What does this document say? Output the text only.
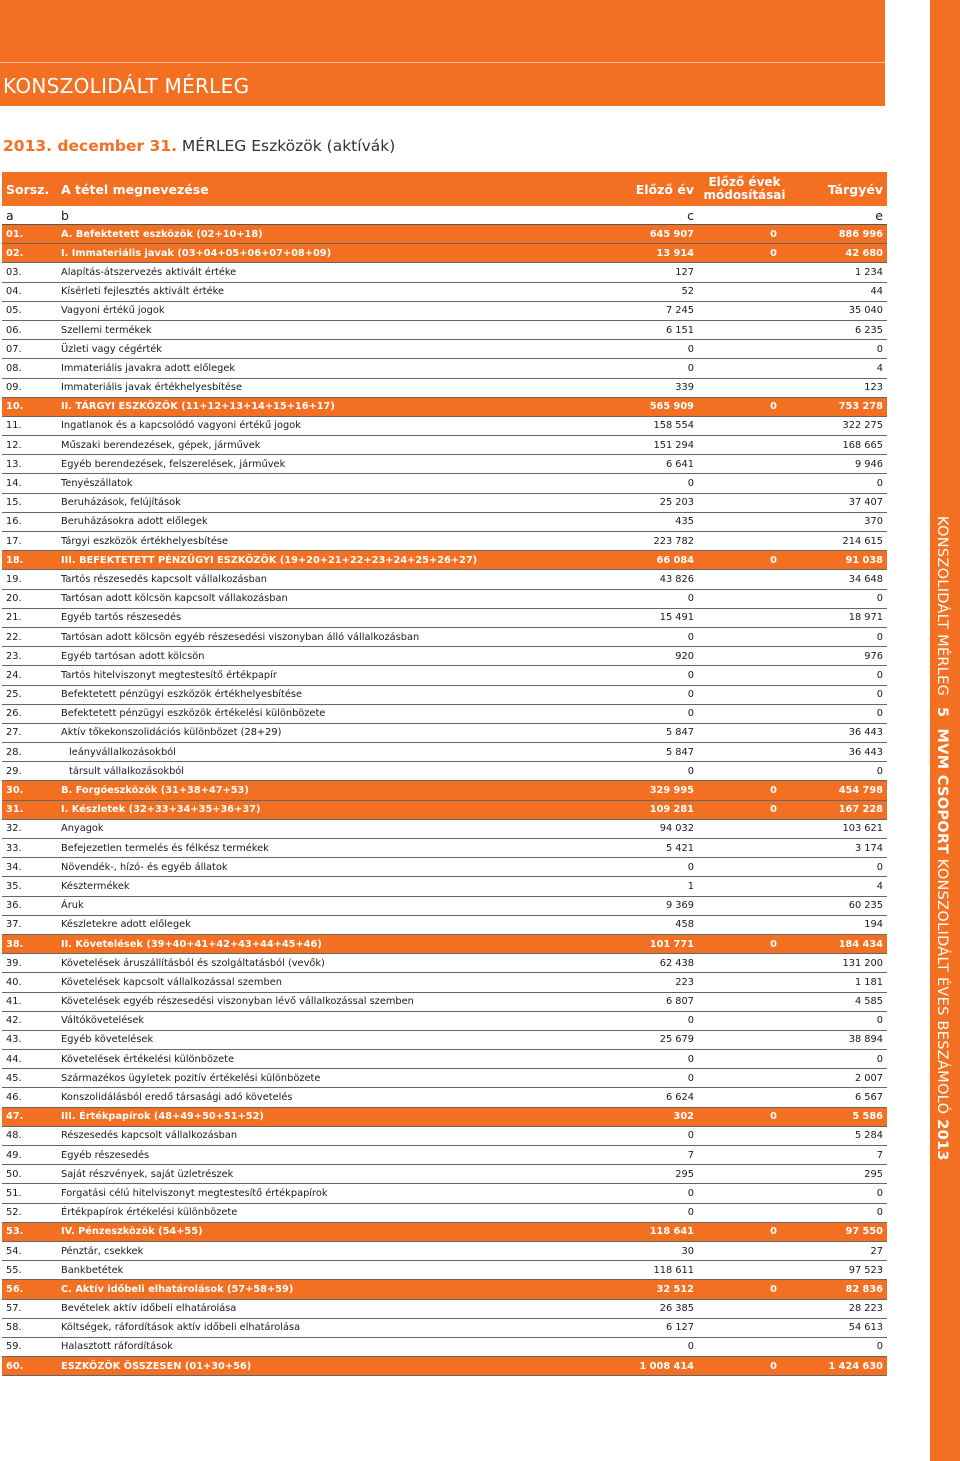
KONSZOLIDÁLT MÉRLEG
KONSZOLIDÁLT MÉRLEG 5 MVM CSOPORT KONSZOLIDÁLT ÉVES BESZÁMOLÓ 2013
2013. december 31. MÉRLEG Eszközök (aktívák)
Sorsz.	A tétel megnevezése	Előző év	Előző évek módosításai	Tárgyév
a	b	c		e
01.	A. Befektetett eszközök (02+10+18)	645 907	0	886 996
02.	I. Immateriális javak (03+04+05+06+07+08+09)	13 914	0	42 680
03.	Alapítás-átszervezés aktivált értéke	127		1 234
04.	Kísérleti fejlesztés aktivált értéke	52		44
05.	Vagyoni értékű jogok	7 245		35 040
06.	Szellemi termékek	6 151		6 235
07.	Üzleti vagy cégérték	0		0
08.	Immateriális javakra adott előlegek	0		4
09.	Immateriális javak értékhelyesbítése	339		123
10.	II. TÁRGYI ESZKÖZÖK (11+12+13+14+15+16+17)	565 909	0	753 278
11.	Ingatlanok és a kapcsolódó vagyoni értékű jogok	158 554		322 275
12.	Műszaki berendezések, gépek, járművek	151 294		168 665
13.	Egyéb berendezések, felszerelések, járművek	6 641		9 946
14.	Tenyészállatok	0		0
15.	Beruházások, felújítások	25 203		37 407
16.	Beruházásokra adott előlegek	435		370
17.	Tárgyi eszközök értékhelyesbítése	223 782		214 615
18.	III. BEFEKTETETT PÉNZÜGYI ESZKÖZÖK (19+20+21+22+23+24+25+26+27)	66 084	0	91 038
19.	Tartós részesedés kapcsolt vállalkozásban	43 826		34 648
20.	Tartósan adott kölcsön kapcsolt vállakozásban	0		0
21.	Egyéb tartós részesedés	15 491		18 971
22.	Tartósan adott kölcsön egyéb részesedési viszonyban álló vállalkozásban	0		0
23.	Egyéb tartósan adott kölcsön	920		976
24.	Tartós hitelviszonyt megtestesítő értékpapír	0		0
25.	Befektetett pénzügyi eszközök értékhelyesbítése	0		0
26.	Befektetett pénzügyi eszközök értékelési különbözete	0		0
27.	Aktív tőkekonszolidációs különbözet (28+29)	5 847		36 443
28.	leányvállalkozásokból	5 847		36 443
29.	társult vállalkozásokból	0		0
30.	B. Forgóeszközök (31+38+47+53)	329 995	0	454 798
31.	I. Készletek (32+33+34+35+36+37)	109 281	0	167 228
32.	Anyagok	94 032		103 621
33.	Befejezetlen termelés és félkész termékek	5 421		3 174
34.	Növendék-, hízó- és egyéb állatok	0		0
35.	Késztermékek	1		4
36.	Áruk	9 369		60 235
37.	Készletekre adott előlegek	458		194
38.	II. Követelések (39+40+41+42+43+44+45+46)	101 771	0	184 434
39.	Követelések áruszállításból és szolgáltatásból (vevők)	62 438		131 200
40.	Követelések kapcsolt vállalkozással szemben	223		1 181
41.	Követelések egyéb részesedési viszonyban lévő vállalkozással szemben	6 807		4 585
42.	Váltókövetelések	0		0
43.	Egyéb követelések	25 679		38 894
44.	Követelések értékelési különbözete	0		0
45.	Származékos ügyletek pozitív értékelési különbözete	0		2 007
46.	Konszolidálásból eredő társasági adó követelés	6 624		6 567
47.	III. Értékpapírok (48+49+50+51+52)	302	0	5 586
48.	Részesedés kapcsolt vállalkozásban	0		5 284
49.	Egyéb részesedés	7		7
50.	Saját részvények, saját üzletrészek	295		295
51.	Forgatási célú hitelviszonyt megtestesítő értékpapírok	0		0
52.	Értékpapírok értékelési különbözete	0		0
53.	IV. Pénzeszközök (54+55)	118 641	0	97 550
54.	Pénztár, csekkek	30		27
55.	Bankbetétek	118 611		97 523
56.	C. Aktív időbeli elhatárolások (57+58+59)	32 512	0	82 836
57.	Bevételek aktív időbeli elhatárolása	26 385		28 223
58.	Költségek, ráfordítások aktív időbeli elhatárolása	6 127		54 613
59.	Halasztott ráfordítások	0		0
60.	ESZKÖZÖK ÖSSZESEN (01+30+56)	1 008 414	0	1 424 630
